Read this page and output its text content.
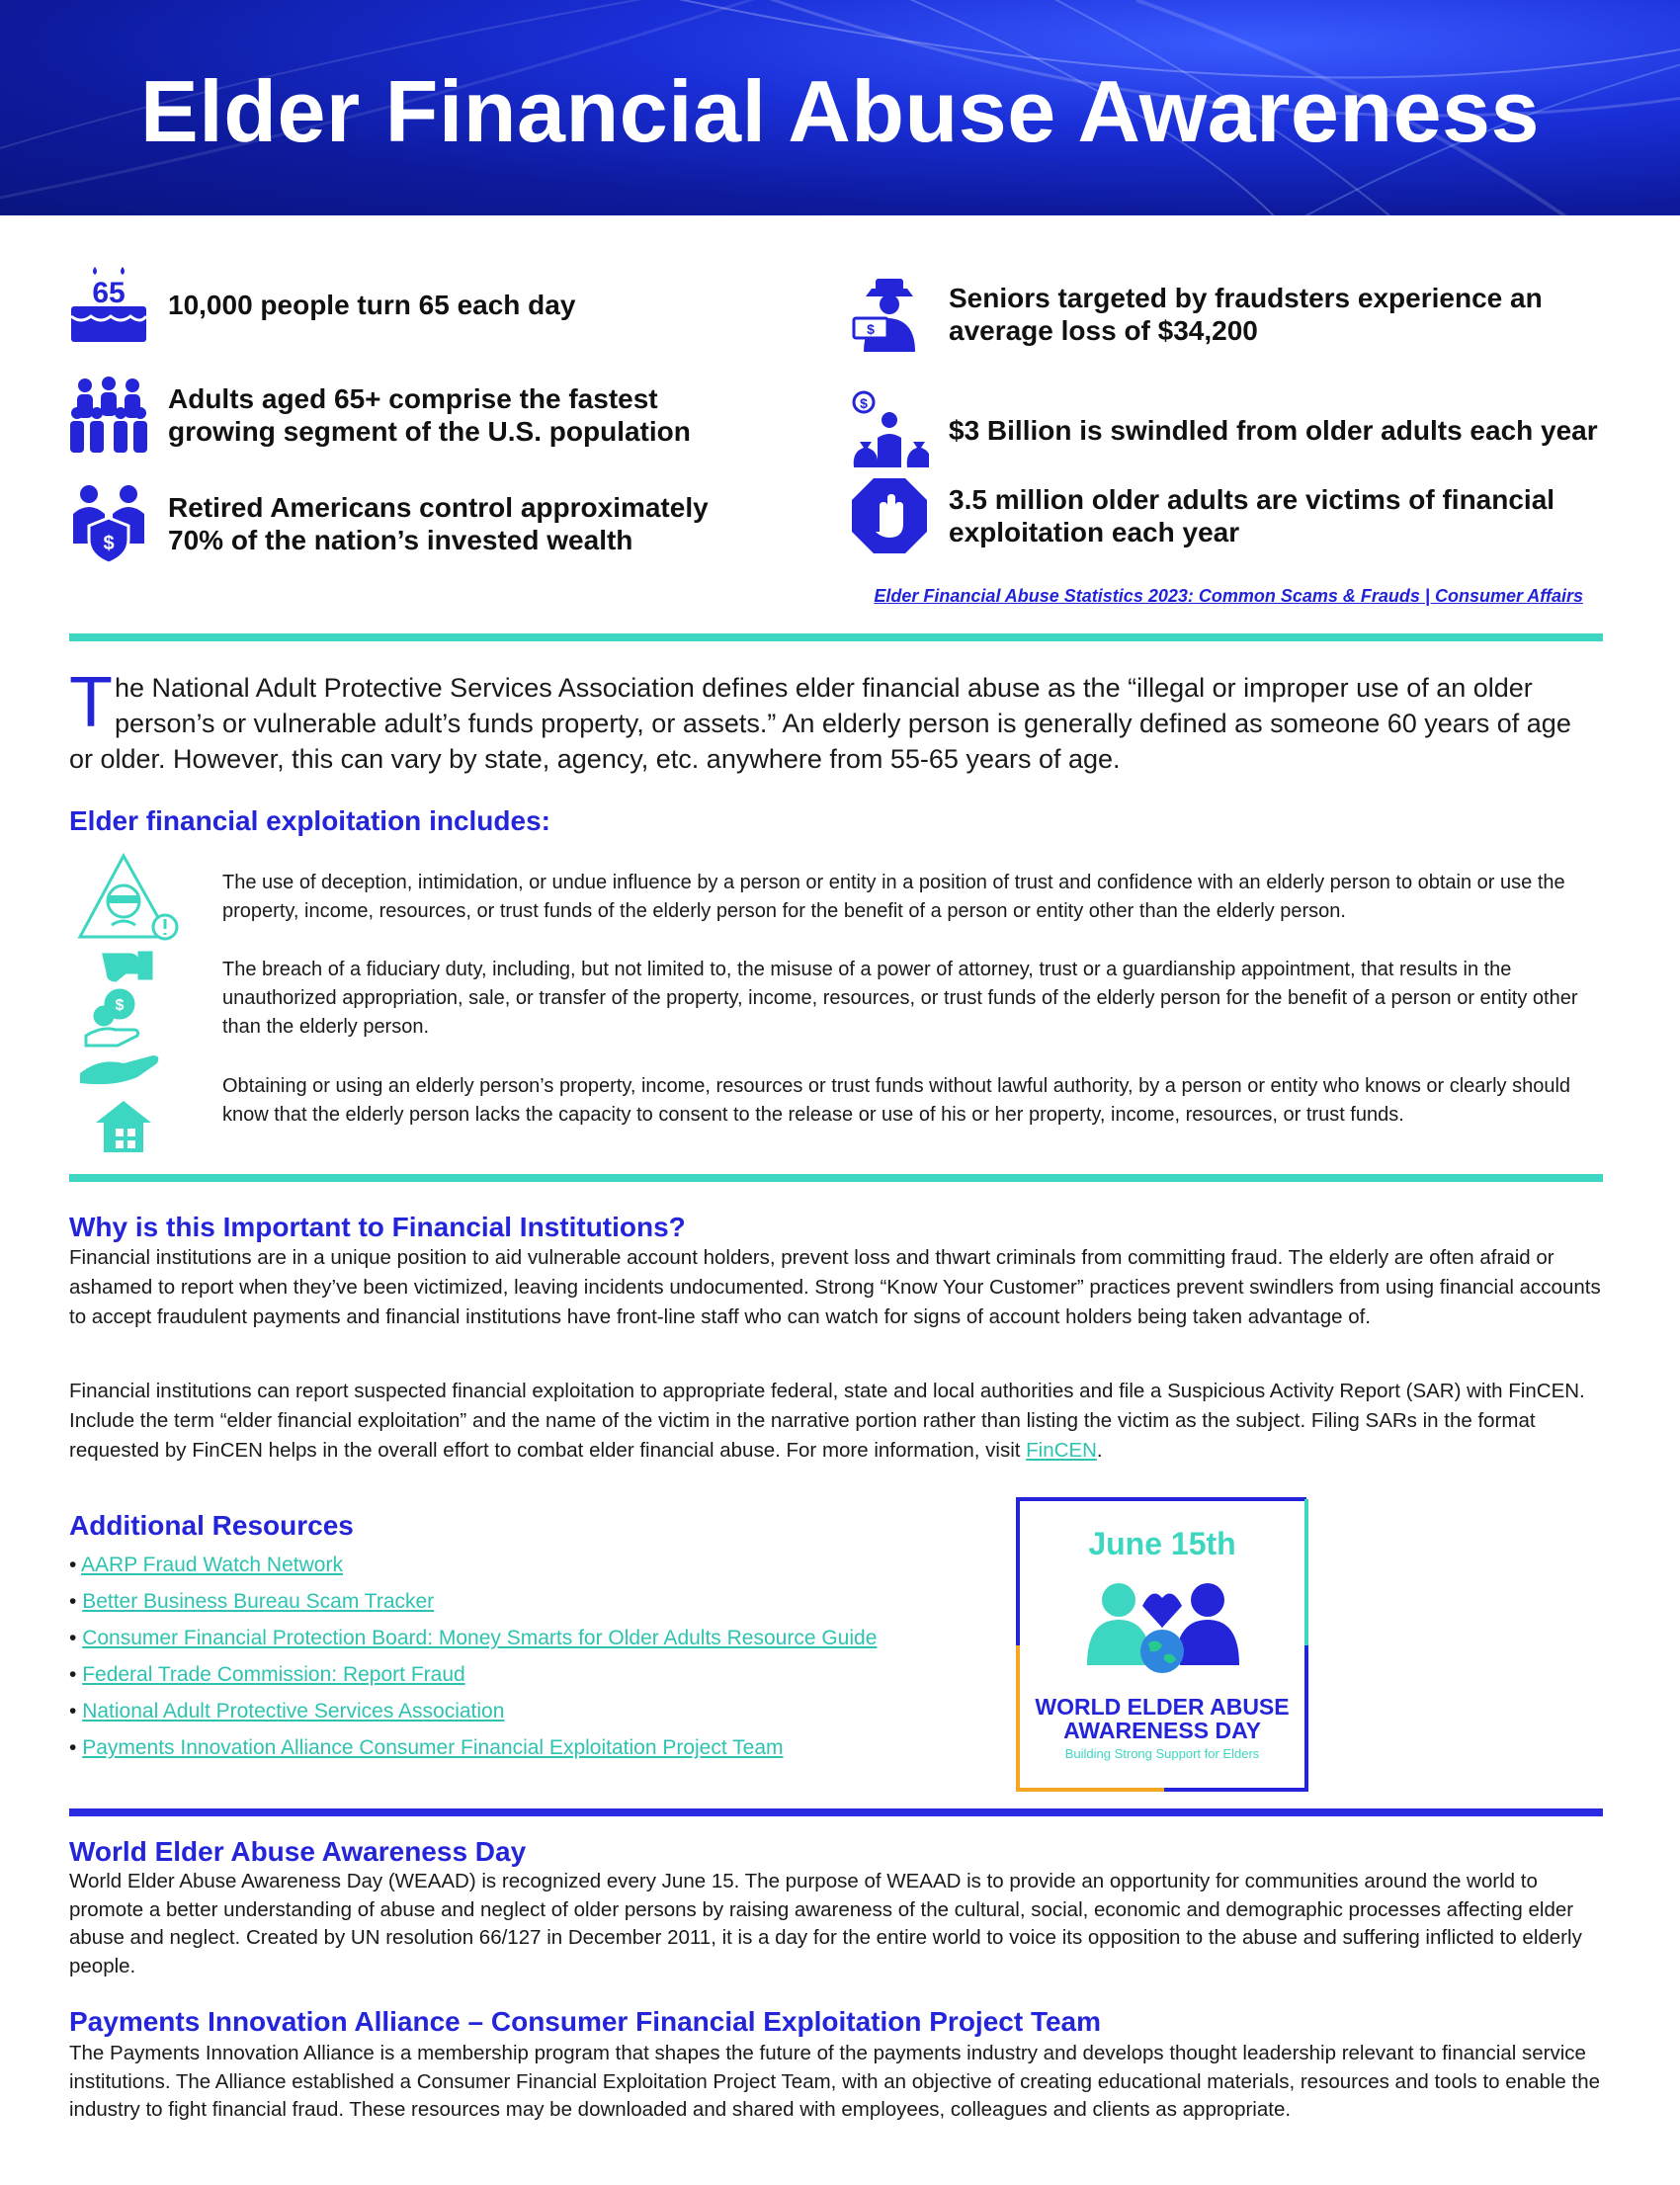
Elder Financial Abuse Awareness
65 10,000 people turn 65 each day
Adults aged 65+ comprise the fastest
growing segment of the U.S. population
$
Retired Americans control approximately
70% of the nation’s invested wealth
$
Seniors targeted by fraudsters experience an
average loss of $34,200
$
$3 Billion is swindled from older adults each year
3.5 million older adults are victims of financial
exploitation each year
Elder Financial Abuse Statistics 2023: Common Scams & Frauds | Consumer Affairs
T he National Adult Protective Services Association defines elder financial abuse as the “illegal or improper use of an older person’s or vulnerable adult’s funds property, or assets.” An elderly person is generally defined as someone 60 years of age or older. However, this can vary by state, agency, etc. anywhere from 55-65 years of age.
Elder financial exploitation includes:
The use of deception, intimidation, or undue influence by a person or entity in a position of trust and confidence with an elderly person to obtain or use the property, income, resources, or trust funds of the elderly person for the benefit of a person or entity other than the elderly person.
$
The breach of a fiduciary duty, including, but not limited to, the misuse of a power of attorney, trust or a guardianship appointment, that results in the unauthorized appropriation, sale, or transfer of the property, income, resources, or trust funds of the elderly person for the benefit of a person or entity other than the elderly person.
Obtaining or using an elderly person’s property, income, resources or trust funds without lawful authority, by a person or entity who knows or clearly should know that the elderly person lacks the capacity to consent to the release or use of his or her property, income, resources, or trust funds.
Why is this Important to Financial Institutions?
Financial institutions are in a unique position to aid vulnerable account holders, prevent loss and thwart criminals from committing fraud. The elderly are often afraid or ashamed to report when they’ve been victimized, leaving incidents undocumented. Strong “Know Your Customer” practices prevent swindlers from using financial accounts to accept fraudulent payments and financial institutions have front-line staff who can watch for signs of account holders being taken advantage of.
Financial institutions can report suspected financial exploitation to appropriate federal, state and local authorities and file a Suspicious Activity Report (SAR) with FinCEN. Include the term “elder financial exploitation” and the name of the victim in the narrative portion rather than listing the victim as the subject. Filing SARs in the format requested by FinCEN helps in the overall effort to combat elder financial abuse. For more information, visit FinCEN.
Additional Resources
• AARP Fraud Watch Network
• Better Business Bureau Scam Tracker
• Consumer Financial Protection Board: Money Smarts for Older Adults Resource Guide
• Federal Trade Commission: Report Fraud
• National Adult Protective Services Association
• Payments Innovation Alliance Consumer Financial Exploitation Project Team
June 15th
WORLD ELDER ABUSE
AWARENESS DAY
Building Strong Support for Elders
World Elder Abuse Awareness Day
World Elder Abuse Awareness Day (WEAAD) is recognized every June 15. The purpose of WEAAD is to provide an opportunity for communities around the world to promote a better understanding of abuse and neglect of older persons by raising awareness of the cultural, social, economic and demographic processes affecting elder abuse and neglect. Created by UN resolution 66/127 in December 2011, it is a day for the entire world to voice its opposition to the abuse and suffering inflicted to elderly people.
Payments Innovation Alliance – Consumer Financial Exploitation Project Team
The Payments Innovation Alliance is a membership program that shapes the future of the payments industry and develops thought leadership relevant to financial service institutions. The Alliance established a Consumer Financial Exploitation Project Team, with an objective of creating educational materials, resources and tools to enable the industry to fight financial fraud. These resources may be downloaded and shared with employees, colleagues and clients as appropriate.
